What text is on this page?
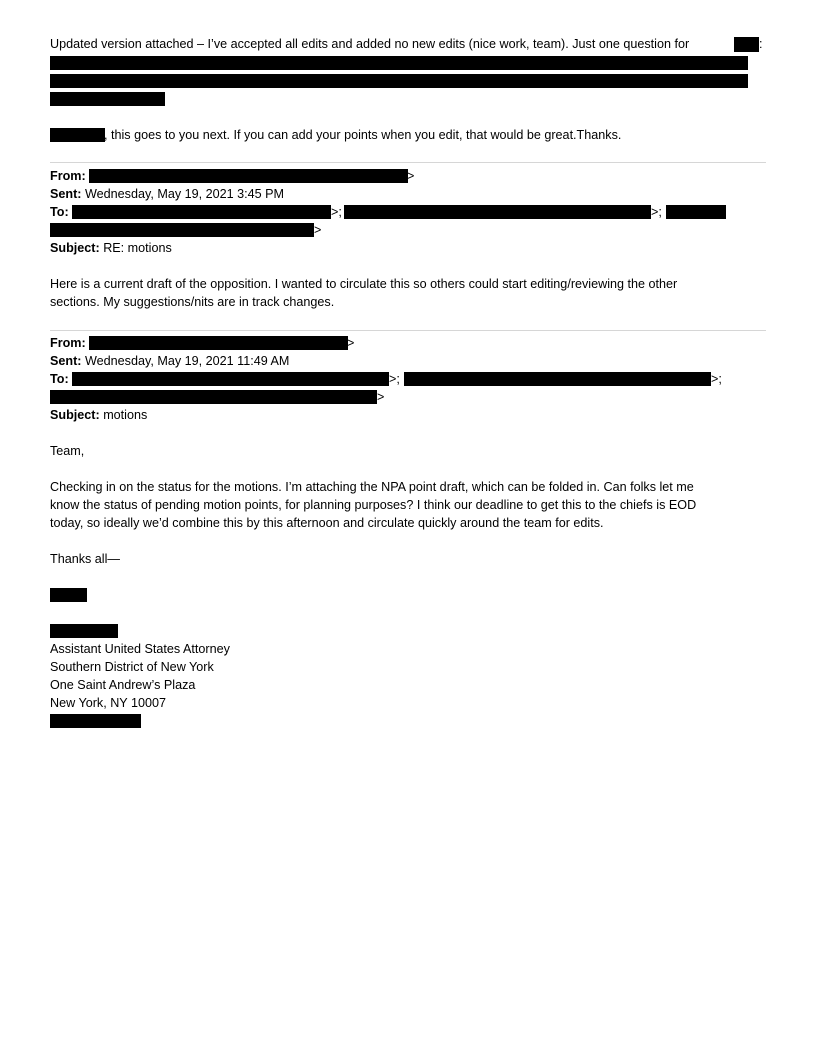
Updated version attached – I’ve accepted all edits and added no new edits (nice work, team). Just one question for	:
, this goes to you next. If you can add your points when you edit, that would be great.Thanks.
From:	>
Sent: Wednesday, May 19, 2021 3:45 PM
To:	>;	>;
>
Subject: RE: motions
Here is a current draft of the opposition. I wanted to circulate this so others could start editing/reviewing the other
sections. My suggestions/nits are in track changes.
From:	>
Sent: Wednesday, May 19, 2021 11:49 AM
To:	>;	>;
>
Subject: motions
Team,
Checking in on the status for the motions. I’m attaching the NPA point draft, which can be folded in. Can folks let me
know the status of pending motion points, for planning purposes? I think our deadline to get this to the chiefs is EOD
today, so ideally we’d combine this by this afternoon and circulate quickly around the team for edits.
Thanks all—
Assistant United States Attorney
Southern District of New York
One Saint Andrew’s Plaza
New York, NY 10007
